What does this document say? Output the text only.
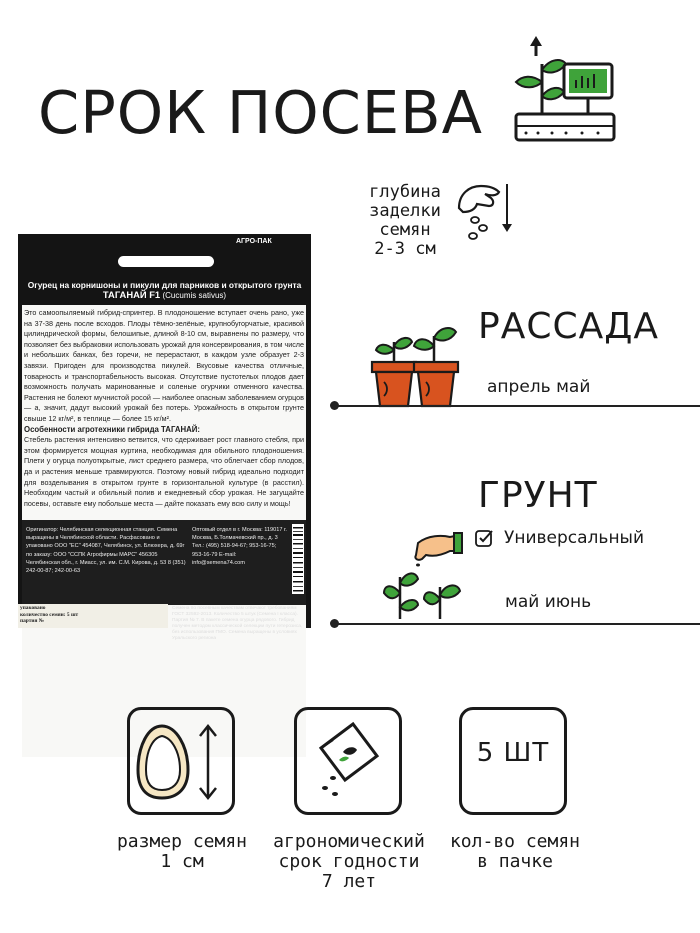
СРОК ПОСЕВА
глубина
заделки
семян
2-3 см
АГРО-ПАК
Огурец на корнишоны и пикули для парников и открытого грунта
ТАГАНАЙ F1 (Cucumis sativus)
Это самоопыляемый гибрид-спринтер. В плодоношение вступает очень рано, уже на 37-38 день после всходов. Плоды тёмно-зелёные, крупнобугорчатые, красивой цилиндрической формы, белошипые, длиной 8-10 см, выравнены по размеру, что позволяет без выбраковки использовать урожай для консервирования, в том числе и небольших банках, без горечи, не перерастают, в каждом узле образует 2-3 завязи. Пригоден для производства пикулей. Вкусовые качества отличные, товарность и транспортабельность высокая. Отсутствие пустотелых плодов дает возможность получать маринованные и соленые огурчики отменного качества. Растения не болеют мучнистой росой — наиболее опасным заболеванием огурцов — а, значит, дадут высокий урожай без потерь. Урожайность в открытом грунте свыше 12 кг/м², в теплице — более 15 кг/м².
Особенности агротехники гибрида ТАГАНАЙ:
Стебель растения интенсивно ветвится, что сдерживает рост главного стебля, при этом формируется мощная куртина, необходимая для обильного плодоношения. Плети у огурца полуоткрытые, лист среднего размера, что облегчает сбор плодов, да и растения меньше травмируются. Поэтому новый гибрид идеально подходит для возделывания в открытом грунте в горизонтальной культуре (в расстил). Необходим частый и обильный полив и ежедневный сбор урожая. Не загущайте посевы, оставьте ему побольше места — дайте показать ему всю силу и мощь!
Оригинатор: Челябинская селекционная станция. Семена выращены в Челябинской области. Расфасовано и упаковано ООО "ЕС" 454087, Челябинск, ул. Блюхера, д. 69г по заказу: ООО "ССПК Агрофирмы МАРС" 456305 Челябинская обл., г. Миасс, ул. им. С.М. Кирова, д. 53 8 (351) 242-00-87; 242-00-63
Оптовый отдел в г. Москва: 119017 г. Москва, Б.Толмачевский пр., д. 3 Тел.: (495) 518-94-67; 953-16-75; 953-16-79 E-mail: info@semena74.com
Семена по посевным качествам отвечают требованиям ГОСТ 32592-2013. Количество 5 штук (Семена I класса). Партия № 7. В пакете семена огурца рядового. Гибрид получен методом классической селекции пути гетерозиса, без использования ГМО. Семена выращены в условиях Уральского региона
упаковано
количество семян: 5 шт
партия №
РАССАДА
апрель май
ГРУНТ
Универсальный
май июнь
5 ШТ
размер семян
1 см
агрономический
срок годности
7 лет
кол-во семян
в пачке
